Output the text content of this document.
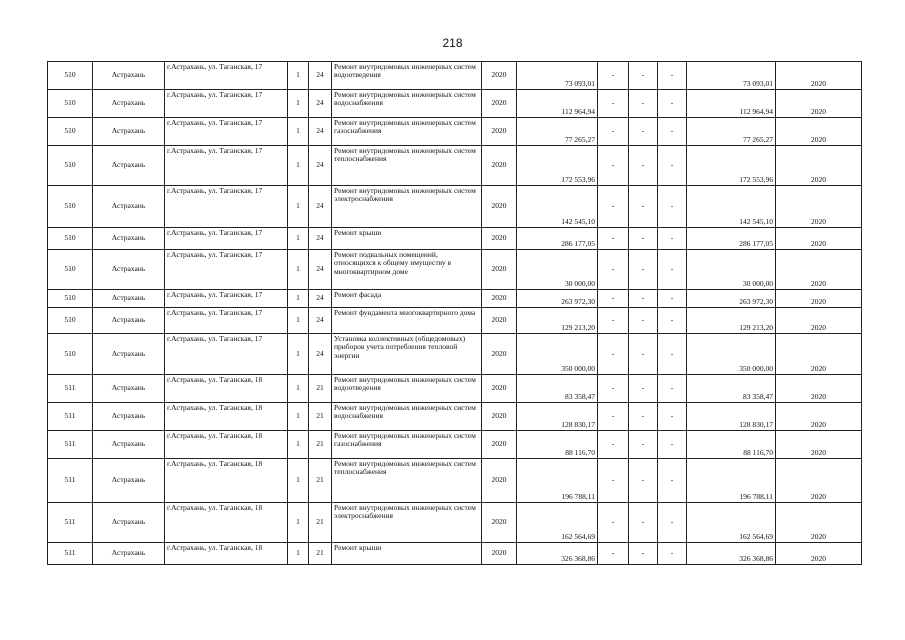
218
510	Астрахань	г.Астрахань, ул. Таганская, 17	1	24	Ремонт внутридомовых инженерных систем водоотведения	2020	73 093,01	-	-	-	73 093,01	2020
510	Астрахань	г.Астрахань, ул. Таганская, 17	1	24	Ремонт внутридомовых инженерных систем водоснабжения	2020	112 964,94	-	-	-	112 964,94	2020
510	Астрахань	г.Астрахань, ул. Таганская, 17	1	24	Ремонт внутридомовых инженерных систем газоснабжения	2020	77 265,27	-	-	-	77 265,27	2020
510	Астрахань	г.Астрахань, ул. Таганская, 17	1	24	Ремонт внутридомовых инженерных систем теплоснабжения	2020	172 553,96	-	-	-	172 553,96	2020
510	Астрахань	г.Астрахань, ул. Таганская, 17	1	24	Ремонт внутридомовых инженерных систем электроснабжения	2020	142 545,10	-	-	-	142 545,10	2020
510	Астрахань	г.Астрахань, ул. Таганская, 17	1	24	Ремонт крыши	2020	286 177,05	-	-	-	286 177,05	2020
510	Астрахань	г.Астрахань, ул. Таганская, 17	1	24	Ремонт подвальных помещений, относящихся к общему имуществу в многоквартирном доме	2020	30 000,00	-	-	-	30 000,00	2020
510	Астрахань	г.Астрахань, ул. Таганская, 17	1	24	Ремонт фасада	2020	263 972,30	-	-	-	263 972,30	2020
510	Астрахань	г.Астрахань, ул. Таганская, 17	1	24	Ремонт фундамента многоквартирного дома	2020	129 213,20	-	-	-	129 213,20	2020
510	Астрахань	г.Астрахань, ул. Таганская, 17	1	24	Установка коллективных (общедомовых) приборов учета потребления тепловой энергии	2020	350 000,00	-	-	-	350 000,00	2020
511	Астрахань	г.Астрахань, ул. Таганская, 18	1	21	Ремонт внутридомовых инженерных систем водоотведения	2020	83 358,47	-	-	-	83 358,47	2020
511	Астрахань	г.Астрахань, ул. Таганская, 18	1	21	Ремонт внутридомовых инженерных систем водоснабжения	2020	128 830,17	-	-	-	128 830,17	2020
511	Астрахань	г.Астрахань, ул. Таганская, 18	1	21	Ремонт внутридомовых инженерных систем газоснабжения	2020	88 116,70	-	-	-	88 116,70	2020
511	Астрахань	г.Астрахань, ул. Таганская, 18	1	21	Ремонт внутридомовых инженерных систем теплоснабжения	2020	196 788,11	-	-	-	196 788,11	2020
511	Астрахань	г.Астрахань, ул. Таганская, 18	1	21	Ремонт внутридомовых инженерных систем электроснабжения	2020	162 564,69	-	-	-	162 564,69	2020
511	Астрахань	г.Астрахань, ул. Таганская, 18	1	21	Ремонт крыши	2020	326 368,86	-	-	-	326 368,86	2020
